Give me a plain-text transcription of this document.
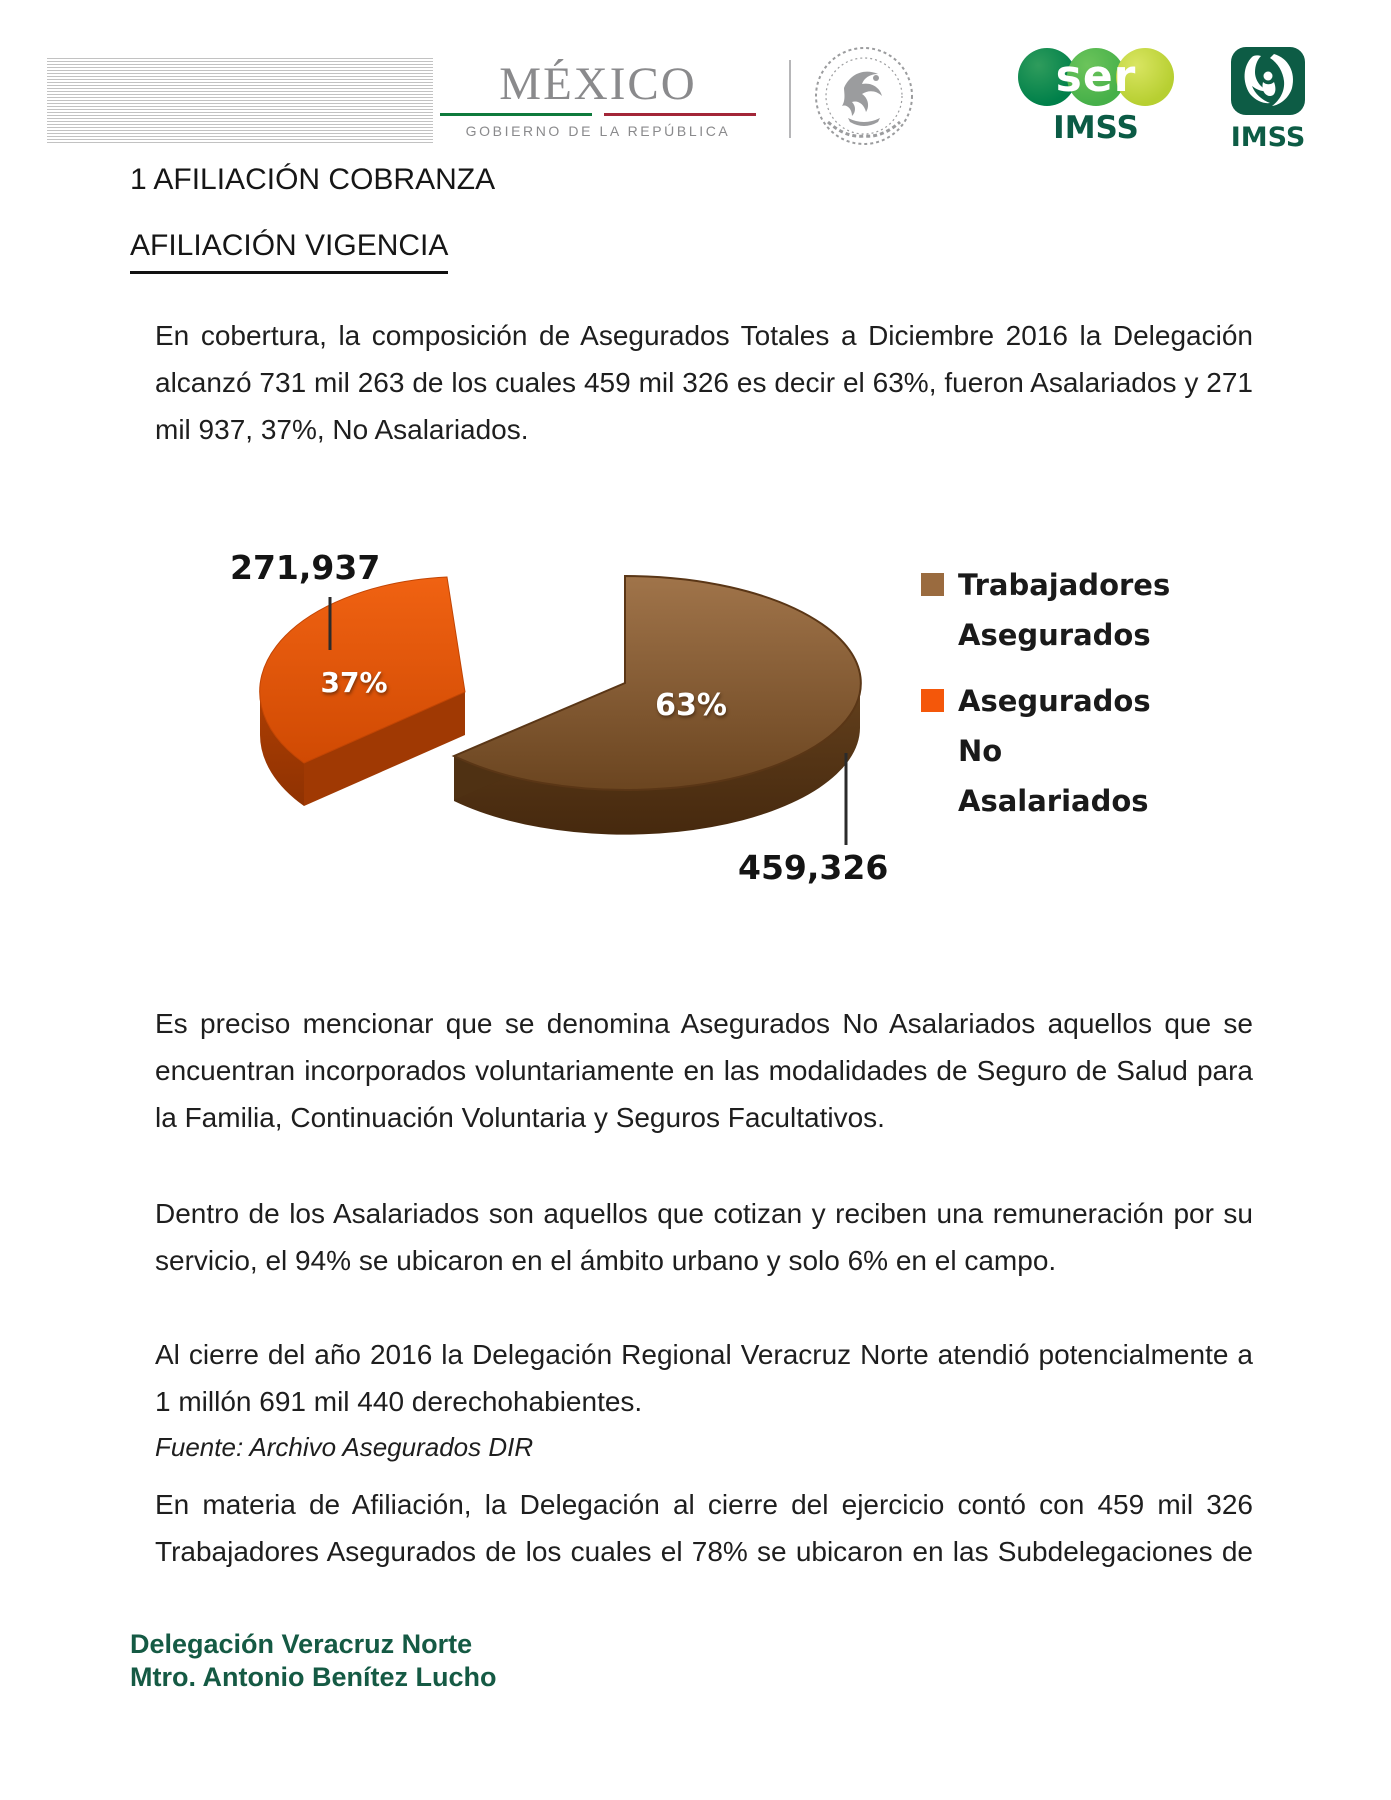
MÉXICO
GOBIERNO DE LA REPÚBLICA
ser
IMSS	IMSS
1 AFILIACIÓN COBRANZA
AFILIACIÓN VIGENCIA

En cobertura, la composición de Asegurados Totales a Diciembre 2016 la Delegación alcanzó 731 mil 263 de los cuales 459 mil 326 es decir el 63%, fueron Asalariados y 271 mil 937, 37%, No Asalariados.

271,937
459,326
37%
63%
Trabajadores Asegurados
Asegurados No Asalariados

Es preciso mencionar que se denomina Asegurados No Asalariados aquellos que se encuentran incorporados voluntariamente en las modalidades de Seguro de Salud para la Familia, Continuación Voluntaria y Seguros Facultativos.

Dentro de los Asalariados son aquellos que cotizan y reciben una remuneración por su servicio, el 94% se ubicaron en el ámbito urbano y solo 6% en el campo.

Al cierre del año 2016 la Delegación Regional Veracruz Norte atendió potencialmente a 1 millón 691 mil 440 derechohabientes.

Fuente: Archivo Asegurados DIR

En materia de Afiliación, la Delegación al cierre del ejercicio contó con 459 mil 326 Trabajadores Asegurados de los cuales el 78% se ubicaron en las Subdelegaciones de

Delegación Veracruz Norte
Mtro. Antonio Benítez Lucho
